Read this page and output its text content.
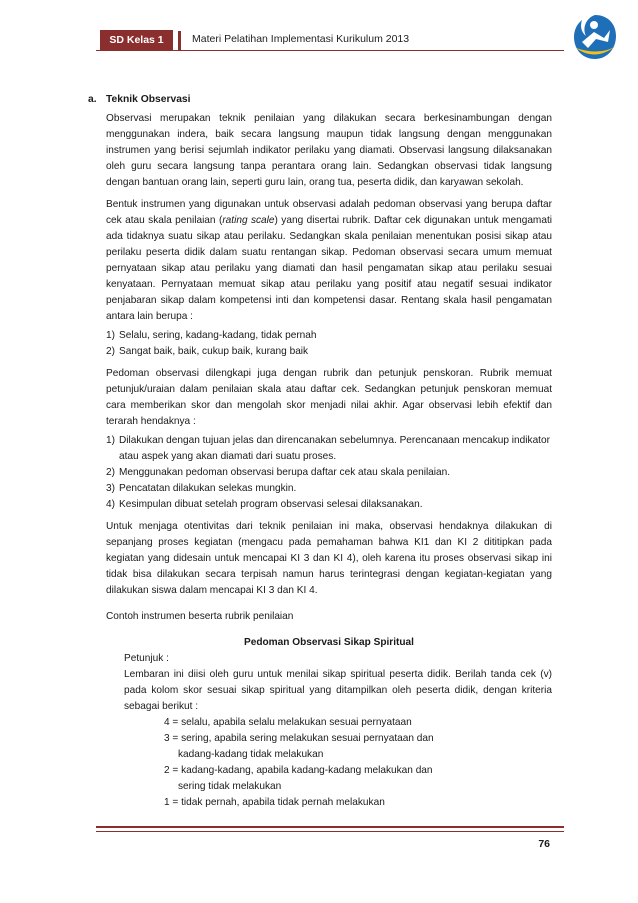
SD Kelas 1	Materi Pelatihan Implementasi Kurikulum 2013
a. Teknik Observasi

Observasi merupakan teknik penilaian yang dilakukan secara berkesinambungan dengan menggunakan indera, baik secara langsung maupun tidak langsung dengan menggunakan instrumen yang berisi sejumlah indikator perilaku yang diamati. Observasi langsung dilaksanakan oleh guru secara langsung tanpa perantara orang lain. Sedangkan observasi tidak langsung dengan bantuan orang lain, seperti guru lain, orang tua, peserta didik, dan karyawan sekolah.

Bentuk instrumen yang digunakan untuk observasi adalah pedoman observasi yang berupa daftar cek atau skala penilaian (rating scale) yang disertai rubrik. Daftar cek digunakan untuk mengamati ada tidaknya suatu sikap atau perilaku. Sedangkan skala penilaian menentukan posisi sikap atau perilaku peserta didik dalam suatu rentangan sikap. Pedoman observasi secara umum memuat pernyataan sikap atau perilaku yang diamati dan hasil pengamatan sikap atau perilaku sesuai kenyataan. Pernyataan memuat sikap atau perilaku yang positif atau negatif sesuai indikator penjabaran sikap dalam kompetensi inti dan kompetensi dasar. Rentang skala hasil pengamatan antara lain berupa :

1) Selalu, sering, kadang-kadang, tidak pernah
2) Sangat baik, baik, cukup baik, kurang baik

Pedoman observasi dilengkapi juga dengan rubrik dan petunjuk penskoran. Rubrik memuat petunjuk/uraian dalam penilaian skala atau daftar cek. Sedangkan petunjuk penskoran memuat cara memberikan skor dan mengolah skor menjadi nilai akhir. Agar observasi lebih efektif dan terarah hendaknya :

1) Dilakukan dengan tujuan jelas dan direncanakan sebelumnya. Perencanaan mencakup indikator atau aspek yang akan diamati dari suatu proses.
2) Menggunakan pedoman observasi berupa daftar cek atau skala penilaian.
3) Pencatatan dilakukan selekas mungkin.
4) Kesimpulan dibuat setelah program observasi selesai dilaksanakan.

Untuk menjaga otentivitas dari teknik penilaian ini maka, observasi hendaknya dilakukan di sepanjang proses kegiatan (mengacu pada pemahaman bahwa KI1 dan KI 2 dititipkan pada kegiatan yang didesain untuk mencapai KI 3 dan KI 4), oleh karena itu proses observasi sikap ini tidak bisa dilakukan secara terpisah namun harus terintegrasi dengan kegiatan-kegiatan yang dilakukan siswa dalam mencapai KI 3 dan KI 4.

Contoh instrumen beserta rubrik penilaian

Pedoman Observasi Sikap Spiritual
Petunjuk :

Lembaran ini diisi oleh guru untuk menilai sikap spiritual peserta didik. Berilah tanda cek (v) pada kolom skor sesuai sikap spiritual yang ditampilkan oleh peserta didik, dengan kriteria sebagai berikut :

4 = selalu, apabila selalu melakukan sesuai pernyataan
3 = sering, apabila sering melakukan sesuai pernyataan dan
kadang-kadang tidak melakukan
2 = kadang-kadang, apabila kadang-kadang melakukan dan
sering tidak melakukan
1 = tidak pernah, apabila tidak pernah melakukan
76
